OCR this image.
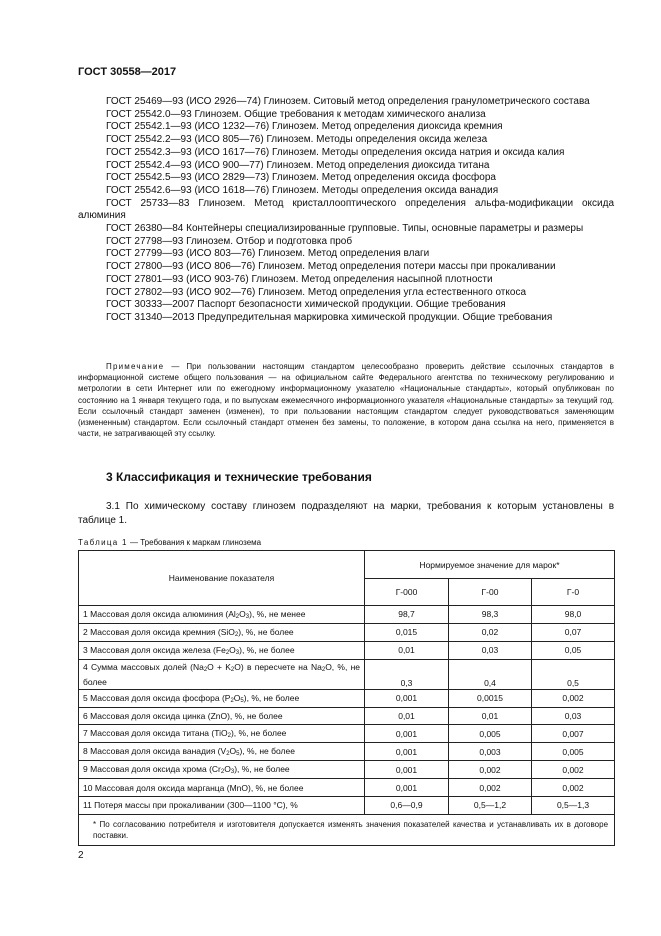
ГОСТ 30558—2017

ГОСТ 25469—93 (ИСО 2926—74) Глинозем. Ситовый метод определения гранулометрического состава

ГОСТ 25542.0—93 Глинозем. Общие требования к методам химического анализа

ГОСТ 25542.1—93 (ИСО 1232—76) Глинозем. Метод определения диоксида кремния

ГОСТ 25542.2—93 (ИСО 805—76) Глинозем. Методы определения оксида железа

ГОСТ 25542.3—93 (ИСО 1617—76) Глинозем. Методы определения оксида натрия и оксида калия

ГОСТ 25542.4—93 (ИСО 900—77) Глинозем. Метод определения диоксида титана

ГОСТ 25542.5—93 (ИСО 2829—73) Глинозем. Метод определения оксида фосфора

ГОСТ 25542.6—93 (ИСО 1618—76) Глинозем. Методы определения оксида ванадия

ГОСТ 25733—83 Глинозем. Метод кристаллооптического определения альфа-модификации оксида алюминия

ГОСТ 26380—84 Контейнеры специализированные групповые. Типы, основные параметры и размеры

ГОСТ 27798—93 Глинозем. Отбор и подготовка проб

ГОСТ 27799—93 (ИСО 803—76) Глинозем. Метод определения влаги

ГОСТ 27800—93 (ИСО 806—76) Глинозем. Метод определения потери массы при прокаливании

ГОСТ 27801—93 (ИСО 903-76) Глинозем. Метод определения насыпной плотности

ГОСТ 27802—93 (ИСО 902—76) Глинозем. Метод определения угла естественного откоса

ГОСТ 30333—2007 Паспорт безопасности химической продукции. Общие требования

ГОСТ 31340—2013 Предупредительная маркировка химической продукции. Общие требования

Примечание — При пользовании настоящим стандартом целесообразно проверить действие ссылочных стандартов в информационной системе общего пользования — на официальном сайте Федерального агентства по техническому регулированию и метрологии в сети Интернет или по ежегодному информационному указателю «Национальные стандарты», который опубликован по состоянию на 1 января текущего года, и по выпускам ежемесячного информационного указателя «Национальные стандарты» за текущий год. Если ссылочный стандарт заменен (изменен), то при пользовании настоящим стандартом следует руководствоваться заменяющим (измененным) стандартом. Если ссылочный стандарт отменен без замены, то положение, в котором дана ссылка на него, применяется в части, не затрагивающей эту ссылку.
3 Классификация и технические требования
3.1 По химическому составу глинозем подразделяют на марки, требования к которым установлены в таблице 1.
Таблица 1 — Требования к маркам глинозема
Наименование показателя	Нормируемое значение для марок*		
	Г-000	Г-00	Г-0
1 Массовая доля оксида алюминия $(Al_2O_3)$, %, не менее	98,7	98,3	98,0
2 Массовая доля оксида кремния (SiO$_2$), %, не более	0,015	0,02	0,07
3 Массовая доля оксида железа $(Fe_2O_3)$, %, не более	0,01	0,03	0,05
4 Сумма массовых долей $(Na_2O + K_2O)$ в пересчете на $Na_2O$, %, не более	0,3	0,4	0,5
5 Массовая доля оксида фосфора $(P_2O_5)$, %, не более	0,001	0,0015	0,002
6 Массовая доля оксида цинка (ZnO), %, не более	0,01	0,01	0,03
7 Массовая доля оксида титана (TiO$_2$), %, не более	0,001	0,005	0,007
8 Массовая доля оксида ванадия $(V_2O_5)$, %, не более	0,001	0,003	0,005
9 Массовая доля оксида хрома $(Cr_2O_3)$, %, не более	0,001	0,002	0,002
10 Массовая доля оксида марганца (MnO), %, не более	0,001	0,002	0,002
11 Потеря массы при прокаливании (300—1100 °С), %	0,6—0,9	0,5—1,2	0,5—1,3

* По согласованию потребителя и изготовителя допускается изменять значения показателей качества и устанавливать их в договоре поставки.			
2
